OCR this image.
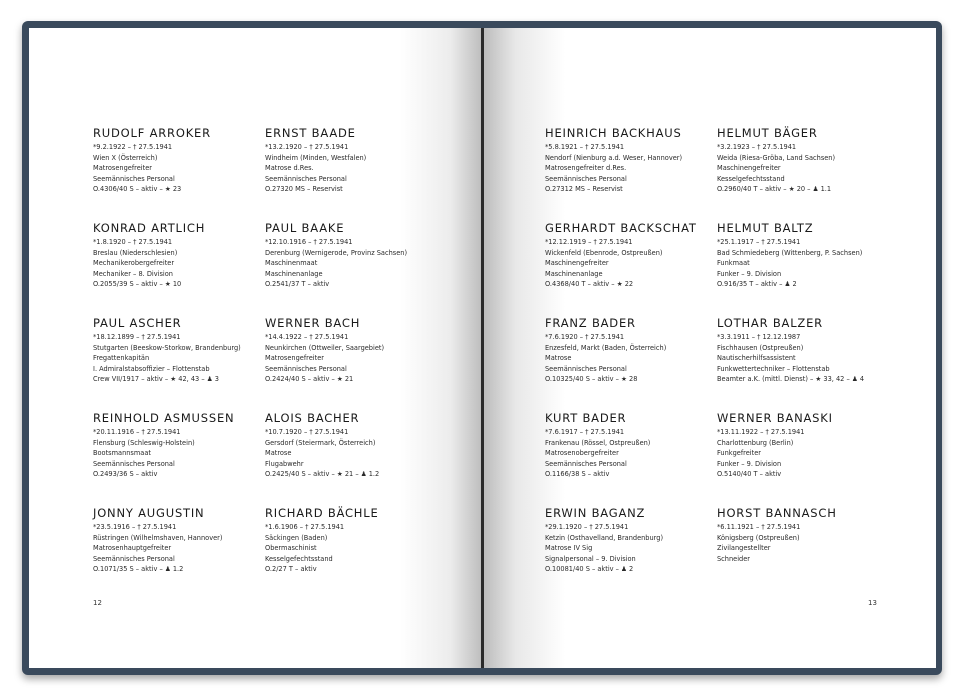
RUDOLF ARROKER
*9.2.1922 – † 27.5.1941
Wien X (Österreich)
Matrosengefreiter
Seemännisches Personal
O.4306/40 S – aktiv – ★ 23
ERNST BAADE
*13.2.1920 – † 27.5.1941
Windheim (Minden, Westfalen)
Matrose d.Res.
Seemännisches Personal
O.27320 MS – Reservist
KONRAD ARTLICH
*1.8.1920 – † 27.5.1941
Breslau (Niederschlesien)
Mechanikerobergefreiter
Mechaniker – 8. Division
O.2055/39 S – aktiv – ★ 10
PAUL BAAKE
*12.10.1916 – † 27.5.1941
Derenburg (Wernigerode, Provinz Sachsen)
Maschinenmaat
Maschinenanlage
O.2541/37 T – aktiv
PAUL ASCHER
*18.12.1899 – † 27.5.1941
Stutgarten (Beeskow-Storkow, Brandenburg)
Fregattenkapitän
I. Admiralstabsoffizier – Flottenstab
Crew VII/1917 – aktiv – ★ 42, 43 – ♟ 3
WERNER BACH
*14.4.1922 – † 27.5.1941
Neunkirchen (Ottweiler, Saargebiet)
Matrosengefreiter
Seemännisches Personal
O.2424/40 S – aktiv – ★ 21
REINHOLD ASMUSSEN
*20.11.1916 – † 27.5.1941
Flensburg (Schleswig-Holstein)
Bootsmannsmaat
Seemännisches Personal
O.2493/36 S – aktiv
ALOIS BACHER
*10.7.1920 – † 27.5.1941
Gersdorf (Steiermark, Österreich)
Matrose
Flugabwehr
O.2425/40 S – aktiv – ★ 21 – ♟ 1.2
JONNY AUGUSTIN
*23.5.1916 – † 27.5.1941
Rüstringen (Wilhelmshaven, Hannover)
Matrosenhauptgefreiter
Seemännisches Personal
O.1071/35 S – aktiv – ♟ 1.2
RICHARD BÄCHLE
*1.6.1906 – † 27.5.1941
Säckingen (Baden)
Obermaschinist
Kesselgefechtsstand
O.2/27 T – aktiv
HEINRICH BACKHAUS
*5.8.1921 – † 27.5.1941
Nendorf (Nienburg a.d. Weser, Hannover)
Matrosengefreiter d.Res.
Seemännisches Personal
O.27312 MS – Reservist
HELMUT BÄGER
*3.2.1923 – † 27.5.1941
Weida (Riesa-Gröba, Land Sachsen)
Maschinengefreiter
Kesselgefechtsstand
O.2960/40 T – aktiv – ★ 20 – ♟ 1.1
GERHARDT BACKSCHAT
*12.12.1919 – † 27.5.1941
Wickenfeld (Ebenrode, Ostpreußen)
Maschinengefreiter
Maschinenanlage
O.4368/40 T – aktiv – ★ 22
HELMUT BALTZ
*25.1.1917 – † 27.5.1941
Bad Schmiedeberg (Wittenberg, P. Sachsen)
Funkmaat
Funker – 9. Division
O.916/35 T – aktiv – ♟ 2
FRANZ BADER
*7.6.1920 – † 27.5.1941
Enzesfeld, Markt (Baden, Österreich)
Matrose
Seemännisches Personal
O.10325/40 S – aktiv – ★ 28
LOTHAR BALZER
*3.3.1911 – † 12.12.1987
Fischhausen (Ostpreußen)
Nautischerhilfsassistent
Funkwettertechniker – Flottenstab
Beamter a.K. (mittl. Dienst) – ★ 33, 42 – ♟ 4
KURT BADER
*7.6.1917 – † 27.5.1941
Frankenau (Rössel, Ostpreußen)
Matrosenobergefreiter
Seemännisches Personal
O.1166/38 S – aktiv
WERNER BANASKI
*13.11.1922 – † 27.5.1941
Charlottenburg (Berlin)
Funkgefreiter
Funker – 9. Division
O.5140/40 T – aktiv
ERWIN BAGANZ
*29.1.1920 – † 27.5.1941
Ketzin (Osthavelland, Brandenburg)
Matrose IV Sig
Signalpersonal – 9. Division
O.10081/40 S – aktiv – ♟ 2
HORST BANNASCH
*6.11.1921 – † 27.5.1941
Königsberg (Ostpreußen)
Zivilangestellter
Schneider
12	13
